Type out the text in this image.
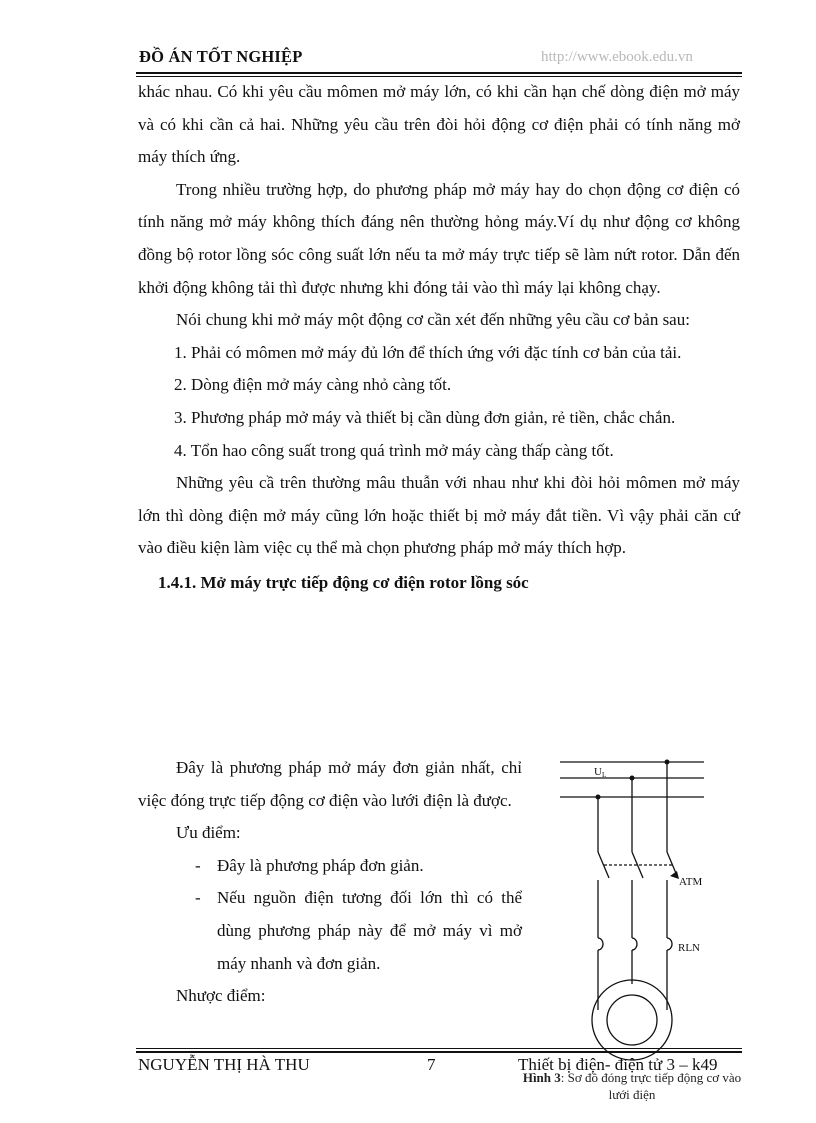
ĐỒ ÁN TỐT NGHIỆP	http://www.ebook.edu.vn

khác nhau. Có khi yêu cầu mômen mở máy lớn, có khi cần hạn chế dòng điện mở máy và có khi cần cả hai. Những yêu cầu trên đòi hỏi động cơ điện phải có tính năng mở máy thích ứng.

Trong nhiều trường hợp, do phương pháp mở máy hay do chọn động cơ điện có tính năng mở máy không thích đáng nên thường hỏng máy.Ví dụ như động cơ không đồng bộ rotor lồng sóc công suất lớn nếu ta mở máy trực tiếp sẽ làm nứt rotor. Dẫn đến khởi động không tải thì được nhưng khi đóng tải vào thì máy lại không chạy.

Nói chung khi mở máy một động cơ cần xét đến những yêu cầu cơ bản sau:

1. Phải có mômen mở máy đủ lớn để thích ứng với đặc tính cơ bản của tải.

2. Dòng điện mở máy càng nhỏ càng tốt.

3. Phương pháp mở máy và thiết bị cần dùng đơn giản, rẻ tiền, chắc chắn.

4. Tổn hao công suất trong quá trình mở máy càng thấp càng tốt.

Những yêu cầ trên thường mâu thuẫn với nhau như khi đòi hỏi mômen mở máy lớn thì dòng điện mở máy cũng lớn hoặc thiết bị mở máy đắt tiền. Vì vậy phải căn cứ vào điều kiện làm việc cụ thể mà chọn phương pháp mở máy thích hợp.

1.4.1. Mở máy trực tiếp động cơ điện rotor lồng sóc

Đây là phương pháp mở máy đơn giản nhất, chỉ việc đóng trực tiếp động cơ điện vào lưới điện là được.

Ưu điểm:

- Đây là phương pháp đơn giản.
- Nếu nguồn điện tương đối lớn thì có thể dùng phương pháp này để mở máy vì mở máy nhanh và đơn giản.

Nhược điểm:

UL
ATM
RLN
NGUYỄN THỊ HÀ THU	7	Thiết bị điện- điện tử 3 – k49
Hình 3: Sơ đồ đóng trực tiếp động cơ vào lưới điện
